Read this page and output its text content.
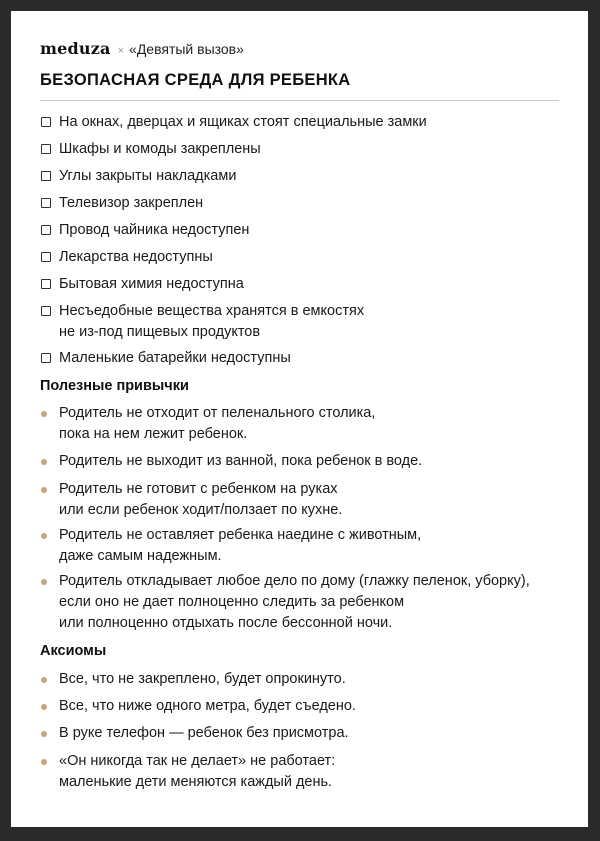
meduza × «Девятый вызов»
БЕЗОПАСНАЯ СРЕДА ДЛЯ РЕБЕНКА
На окнах, дверцах и ящиках стоят специальные замки
Шкафы и комоды закреплены
Углы закрыты накладками
Телевизор закреплен
Провод чайника недоступен
Лекарства недоступны
Бытовая химия недоступна
Несъедобные вещества хранятся в емкостях
не из-под пищевых продуктов
Маленькие батарейки недоступны
Полезные привычки
Родитель не отходит от пеленального столика,
пока на нем лежит ребенок.
Родитель не выходит из ванной, пока ребенок в воде.
Родитель не готовит с ребенком на руках
или если ребенок ходит/ползает по кухне.
Родитель не оставляет ребенка наедине с животным,
даже самым надежным.
Родитель откладывает любое дело по дому (глажку пеленок, уборку),
если оно не дает полноценно следить за ребенком
или полноценно отдыхать после бессонной ночи.
Аксиомы
Все, что не закреплено, будет опрокинуто.
Все, что ниже одного метра, будет съедено.
В руке телефон — ребенок без присмотра.
«Он никогда так не делает» не работает:
маленькие дети меняются каждый день.
